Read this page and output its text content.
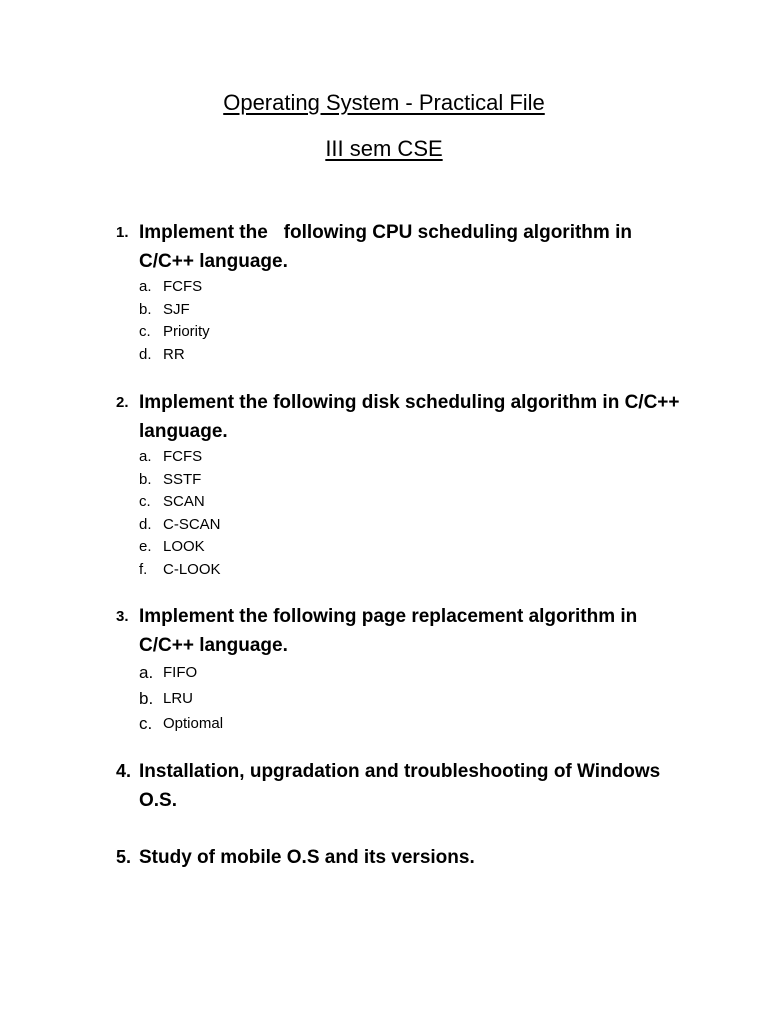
Operating System - Practical File
III sem CSE
1. Implement the   following CPU scheduling algorithm in C/C++ language.
a. FCFS
b. SJF
c. Priority
d. RR
2. Implement the following disk scheduling algorithm in C/C++ language.
a. FCFS
b. SSTF
c. SCAN
d. C-SCAN
e. LOOK
f. C-LOOK
3. Implement the following page replacement algorithm in C/C++ language.
a. FIFO
b. LRU
c. Optiomal
4. Installation, upgradation and troubleshooting of Windows O.S.
5. Study of mobile O.S and its versions.
